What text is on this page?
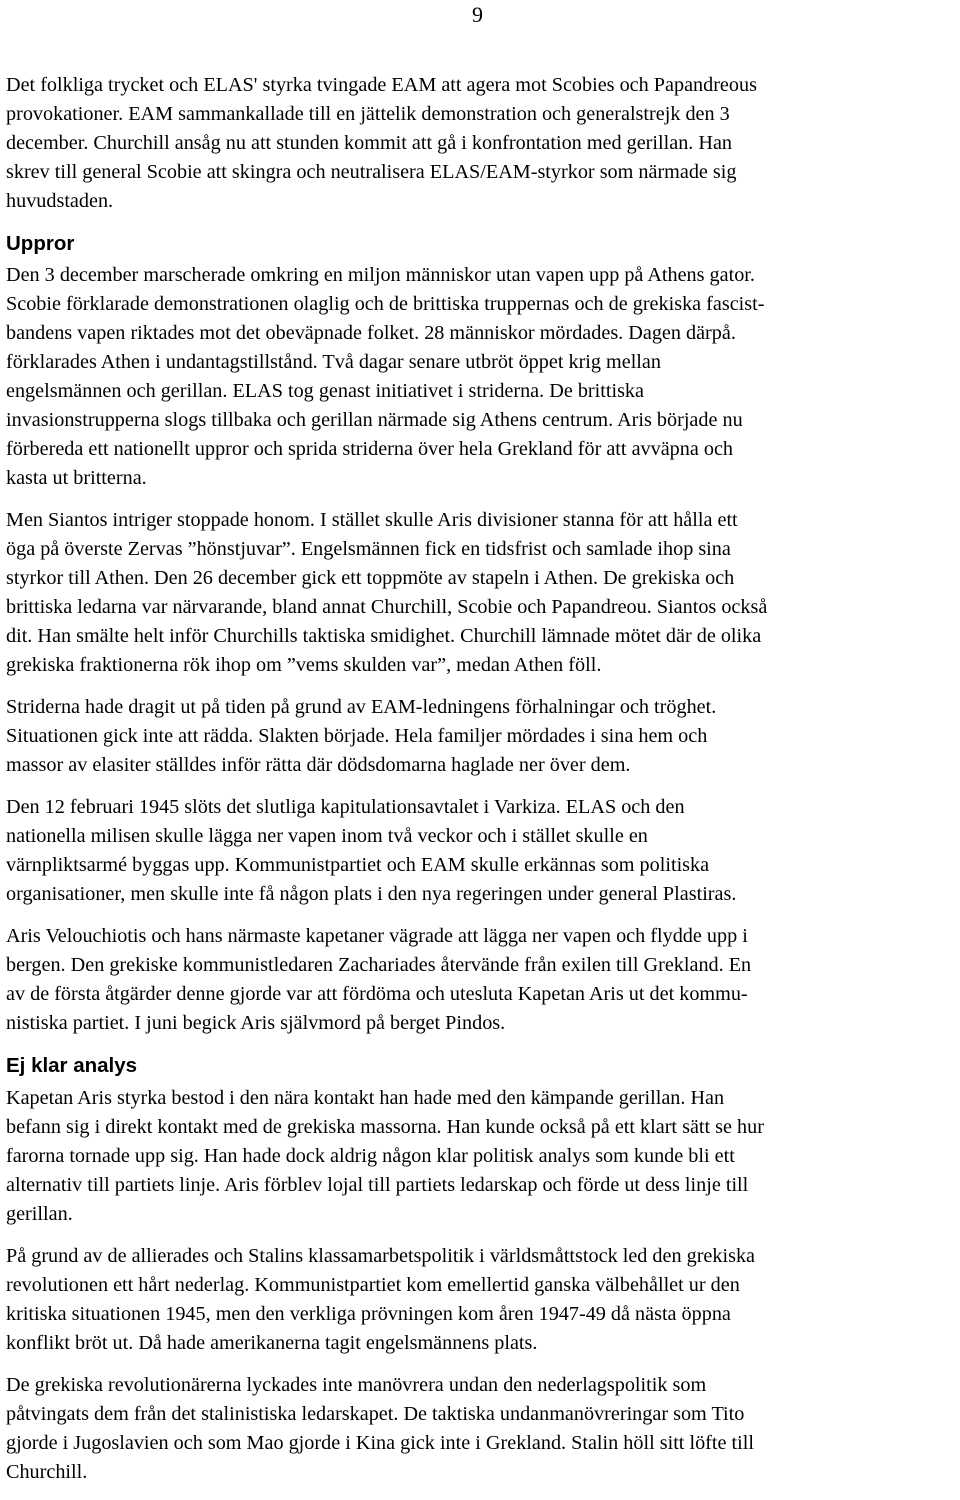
9
Det folkliga trycket och ELAS' styrka tvingade EAM att agera mot Scobies och Papandreous
provokationer. EAM sammankallade till en jättelik demonstration och generalstrejk den 3
december. Churchill ansåg nu att stunden kommit att gå i konfrontation med gerillan. Han
skrev till general Scobie att skingra och neutralisera ELAS/EAM-styrkor som närmade sig
huvudstaden.
Uppror
Den 3 december marscherade omkring en miljon människor utan vapen upp på Athens gator.
Scobie förklarade demonstrationen olaglig och de brittiska truppernas och de grekiska fascist-
bandens vapen riktades mot det obeväpnade folket. 28 människor mördades. Dagen därpå.
förklarades Athen i undantagstillstånd. Två dagar senare utbröt öppet krig mellan
engelsmännen och gerillan. ELAS tog genast initiativet i striderna. De brittiska
invasionstrupperna slogs tillbaka och gerillan närmade sig Athens centrum. Aris började nu
förbereda ett nationellt uppror och sprida striderna över hela Grekland för att avväpna och
kasta ut britterna.
Men Siantos intriger stoppade honom. I stället skulle Aris divisioner stanna för att hålla ett
öga på överste Zervas ”hönstjuvar”. Engelsmännen fick en tidsfrist och samlade ihop sina
styrkor till Athen. Den 26 december gick ett toppmöte av stapeln i Athen. De grekiska och
brittiska ledarna var närvarande, bland annat Churchill, Scobie och Papandreou. Siantos också
dit. Han smälte helt inför Churchills taktiska smidighet. Churchill lämnade mötet där de olika
grekiska fraktionerna rök ihop om ”vems skulden var”, medan Athen föll.
Striderna hade dragit ut på tiden på grund av EAM-ledningens förhalningar och tröghet.
Situationen gick inte att rädda. Slakten började. Hela familjer mördades i sina hem och
massor av elasiter ställdes inför rätta där dödsdomarna haglade ner över dem.
Den 12 februari 1945 slöts det slutliga kapitulationsavtalet i Varkiza. ELAS och den
nationella milisen skulle lägga ner vapen inom två veckor och i stället skulle en
värnpliktsarmé byggas upp. Kommunistpartiet och EAM skulle erkännas som politiska
organisationer, men skulle inte få någon plats i den nya regeringen under general Plastiras.
Aris Velouchiotis och hans närmaste kapetaner vägrade att lägga ner vapen och flydde upp i
bergen. Den grekiske kommunistledaren Zachariades återvände från exilen till Grekland. En
av de första åtgärder denne gjorde var att fördöma och utesluta Kapetan Aris ut det kommu-
nistiska partiet. I juni begick Aris självmord på berget Pindos.
Ej klar analys
Kapetan Aris styrka bestod i den nära kontakt han hade med den kämpande gerillan. Han
befann sig i direkt kontakt med de grekiska massorna. Han kunde också på ett klart sätt se hur
farorna tornade upp sig. Han hade dock aldrig någon klar politisk analys som kunde bli ett
alternativ till partiets linje. Aris förblev lojal till partiets ledarskap och förde ut dess linje till
gerillan.
På grund av de allierades och Stalins klassamarbetspolitik i världsmåttstock led den grekiska
revolutionen ett hårt nederlag. Kommunistpartiet kom emellertid ganska välbehållet ur den
kritiska situationen 1945, men den verkliga prövningen kom åren 1947-49 då nästa öppna
konflikt bröt ut. Då hade amerikanerna tagit engelsmännens plats.
De grekiska revolutionärerna lyckades inte manövrera undan den nederlagspolitik som
påtvingats dem från det stalinistiska ledarskapet. De taktiska undanmanövreringar som Tito
gjorde i Jugoslavien och som Mao gjorde i Kina gick inte i Grekland. Stalin höll sitt löfte till
Churchill.
